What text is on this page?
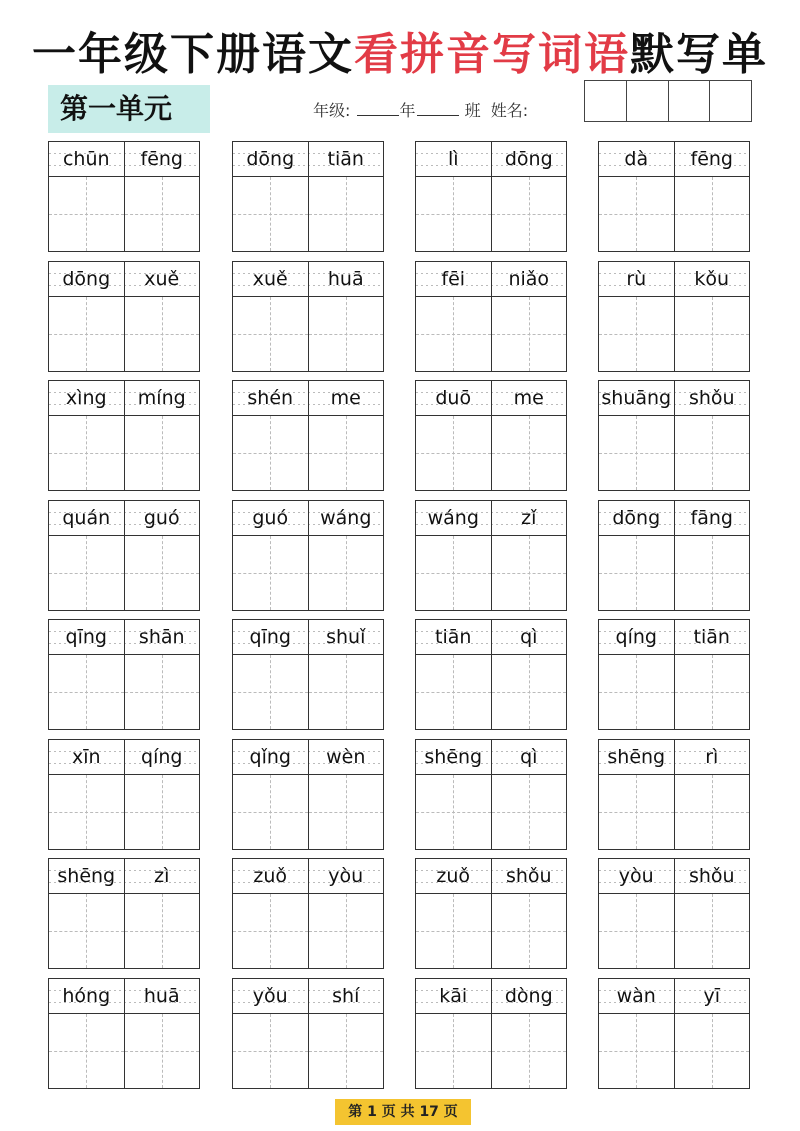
一年级下册语文看拼音写词语默写单
第一单元	年级:	年	班 姓名:
chūn	fēng	dōng	tiān	lì	dōng	dà	fēng
dōng	xuě	xuě	huā	fēi	niǎo	rù	kǒu
xìng	míng	shén	me	duō	me	shuāng shǒu
quán	guó	guó	wáng	wáng	zǐ	dōng	fāng
qīng	shān	qīng	shuǐ	tiān	qì	qíng	tiān
xīn	qíng	qǐng	wèn	shēng	qì	shēng	rì
shēng	zì	zuǒ	yòu	zuǒ	shǒu	yòu	shǒu
hóng	huā	yǒu	shí	kāi	dòng	wàn	yī
第 1 页 共 17 页
